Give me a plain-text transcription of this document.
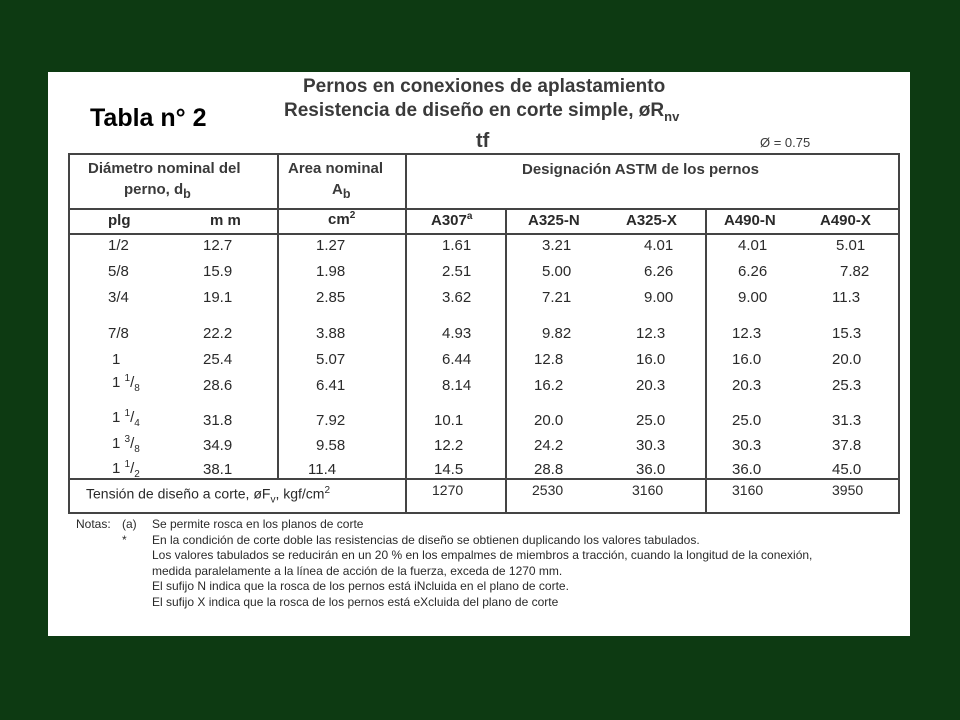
Tabla n° 2
Pernos en conexiones de aplastamiento
Resistencia de diseño en corte simple, $øR_{nv}$
tf	Ø = 0.75
Diámetro nominal del
perno, $d_b$
Area nominal
$A_b$
Designación ASTM de los pernos
plg	m m	$cm^2$	A307$^a$	A325-N	A325-X	A490-N	A490-X
1/2	12.7	1.27	1.61	3.21	4.01	4.01	5.01
5/8	15.9	1.98	2.51	5.00	6.26	6.26	7.82
3/4	19.1	2.85	3.62	7.21	9.00	9.00	11.3
7/8	22.2	3.88	4.93	9.82	12.3	12.3	15.3
1	25.4	5.07	6.44	12.8	16.0	16.0	20.0
1 $^1/_8$	28.6	6.41	8.14	16.2	20.3	20.3	25.3
1 $^1/_4$	31.8	7.92	10.1	20.0	25.0	25.0	31.3
1 $^3/_8$	34.9	9.58	12.2	24.2	30.3	30.3	37.8
1 $^1/_2$	38.1	11.4	14.5	28.8	36.0	36.0	45.0
Tensión de diseño a corte, $øF_v$, kgf/$cm^2$	1270	2530	3160	3160	3950
Notas: (a) Se permite rosca en los planos de corte
* En la condición de corte doble las resistencias de diseño se obtienen duplicando los valores tabulados.
Los valores tabulados se reducirán en un 20 % en los empalmes de miembros a tracción, cuando la longitud de la conexión,
medida paralelamente a la línea de acción de la fuerza, exceda de 1270 mm.
El sufijo N indica que la rosca de los pernos está iNcluida en el plano de corte.
El sufijo X indica que la rosca de los pernos está eXcluida del plano de corte
